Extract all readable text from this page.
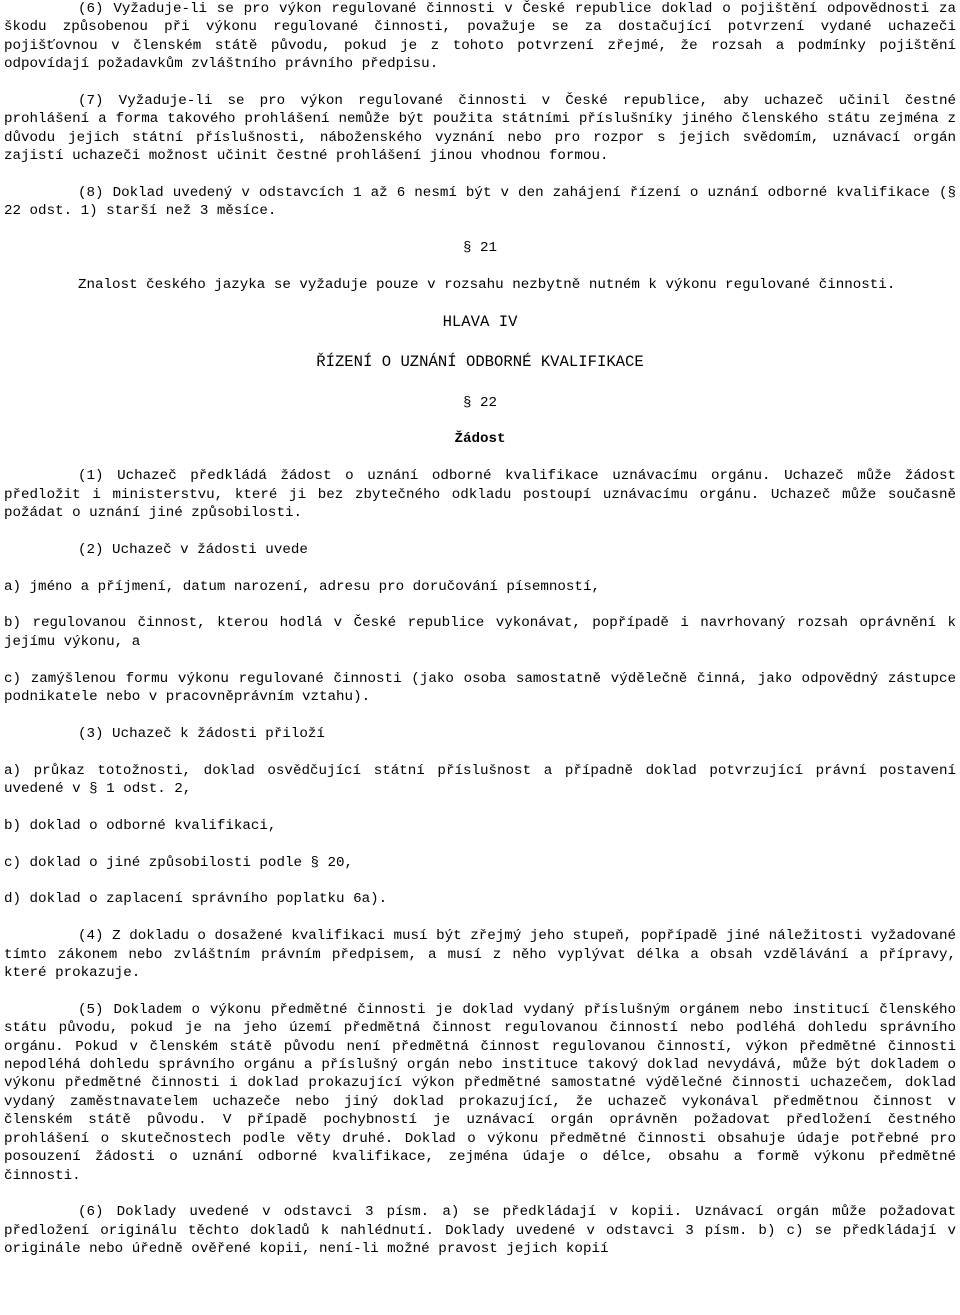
(6) Vyžaduje-li se pro výkon regulované činnosti v České republice doklad o pojištění odpovědnosti za škodu způsobenou při výkonu regulované činnosti, považuje se za dostačující potvrzení vydané uchazeči pojišťovnou v členském státě původu, pokud je z tohoto potvrzení zřejmé, že rozsah a podmínky pojištění odpovídají požadavkům zvláštního právního předpisu.

(7) Vyžaduje-li se pro výkon regulované činnosti v České republice, aby uchazeč učinil čestné prohlášení a forma takového prohlášení nemůže být použita státními příslušníky jiného členského státu zejména z důvodu jejich státní příslušnosti, náboženského vyznání nebo pro rozpor s jejich svědomím, uznávací orgán zajistí uchazeči možnost učinit čestné prohlášení jinou vhodnou formou.

(8) Doklad uvedený v odstavcích 1 až 6 nesmí být v den zahájení řízení o uznání odborné kvalifikace (§ 22 odst. 1) starší než 3 měsíce.

§ 21

Znalost českého jazyka se vyžaduje pouze v rozsahu nezbytně nutném k výkonu regulované činnosti.

HLAVA IV

ŘÍZENÍ O UZNÁNÍ ODBORNÉ KVALIFIKACE

§ 22

Žádost

(1) Uchazeč předkládá žádost o uznání odborné kvalifikace uznávacímu orgánu. Uchazeč může žádost předložit i ministerstvu, které ji bez zbytečného odkladu postoupí uznávacímu orgánu. Uchazeč může současně požádat o uznání jiné způsobilosti.

(2) Uchazeč v žádosti uvede

a) jméno a příjmení, datum narození, adresu pro doručování písemností,

b) regulovanou činnost, kterou hodlá v České republice vykonávat, popřípadě i navrhovaný rozsah oprávnění k jejímu výkonu, a

c) zamýšlenou formu výkonu regulované činnosti (jako osoba samostatně výdělečně činná, jako odpovědný zástupce podnikatele nebo v pracovněprávním vztahu).

(3) Uchazeč k žádosti přiloží

a) průkaz totožnosti, doklad osvědčující státní příslušnost a případně doklad potvrzující právní postavení uvedené v § 1 odst. 2,

b) doklad o odborné kvalifikaci,

c) doklad o jiné způsobilosti podle § 20,

d) doklad o zaplacení správního poplatku 6a).

(4) Z dokladu o dosažené kvalifikaci musí být zřejmý jeho stupeň, popřípadě jiné náležitosti vyžadované tímto zákonem nebo zvláštním právním předpisem, a musí z něho vyplývat délka a obsah vzdělávání a přípravy, které prokazuje.

(5) Dokladem o výkonu předmětné činnosti je doklad vydaný příslušným orgánem nebo institucí členského státu původu, pokud je na jeho území předmětná činnost regulovanou činností nebo podléhá dohledu správního orgánu. Pokud v členském státě původu není předmětná činnost regulovanou činností, výkon předmětné činnosti nepodléhá dohledu správního orgánu a příslušný orgán nebo instituce takový doklad nevydává, může být dokladem o výkonu předmětné činnosti i doklad prokazující výkon předmětné samostatné výdělečné činnosti uchazečem, doklad vydaný zaměstnavatelem uchazeče nebo jiný doklad prokazující, že uchazeč vykonával předmětnou činnost v členském státě původu. V případě pochybností je uznávací orgán oprávněn požadovat předložení čestného prohlášení o skutečnostech podle věty druhé. Doklad o výkonu předmětné činnosti obsahuje údaje potřebné pro posouzení žádosti o uznání odborné kvalifikace, zejména údaje o délce, obsahu a formě výkonu předmětné činnosti.

(6) Doklady uvedené v odstavci 3 písm. a) se předkládají v kopii. Uznávací orgán může požadovat předložení originálu těchto dokladů k nahlédnutí. Doklady uvedené v odstavci 3 písm. b) c) se předkládají v originále nebo úředně ověřené kopii, není-li možné pravost jejich kopií
